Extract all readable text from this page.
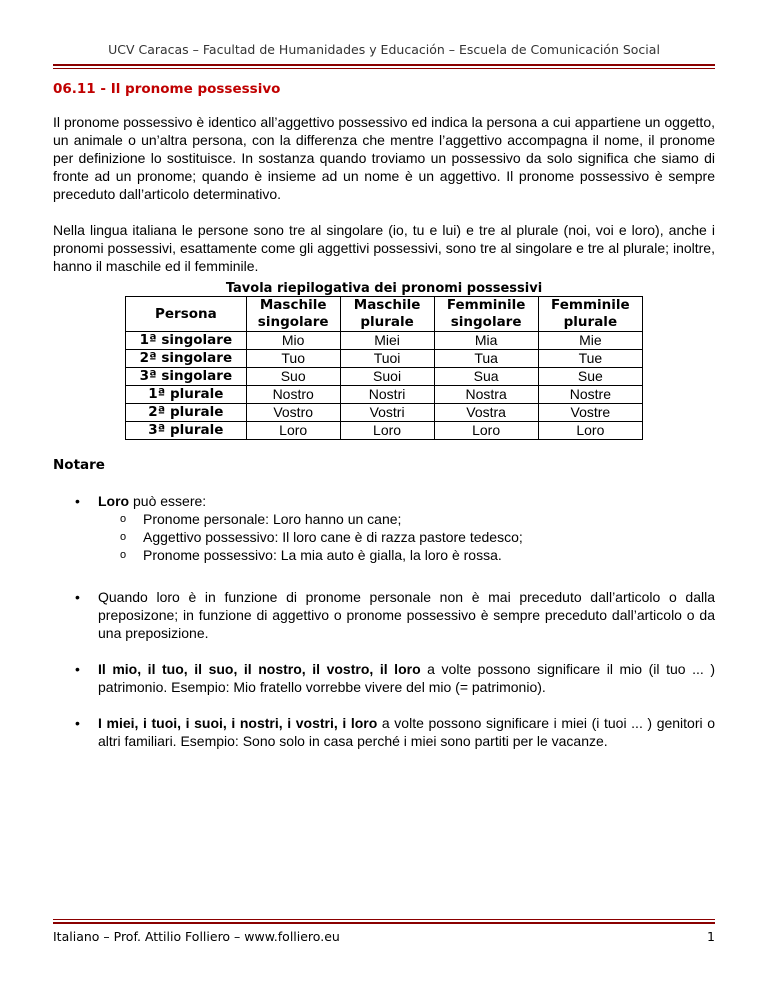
UCV Caracas – Facultad de Humanidades y Educación – Escuela de Comunicación Social
06.11 - Il pronome possessivo

Il pronome possessivo è identico all’aggettivo possessivo ed indica la persona a cui appartiene un oggetto, un animale o un’altra persona, con la differenza che mentre l’aggettivo accompagna il nome, il pronome per definizione lo sostituisce. In sostanza quando troviamo un possessivo da solo significa che siamo di fronte ad un pronome; quando è insieme ad un nome è un aggettivo. Il pronome possessivo è sempre preceduto dall’articolo determinativo.

Nella lingua italiana le persone sono tre al singolare (io, tu e lui) e tre al plurale (noi, voi e loro), anche i pronomi possessivi, esattamente come gli aggettivi possessivi, sono tre al singolare e tre al plurale; inoltre, hanno il maschile ed il femminile.

Tavola riepilogativa dei pronomi possessivi
Persona	Maschile singolare	Maschile plurale	Femminile singolare	Femminile plurale
1ª singolare	Mio	Miei	Mia	Mie
2ª singolare	Tuo	Tuoi	Tua	Tue
3ª singolare	Suo	Suoi	Sua	Sue
1ª plurale	Nostro	Nostri	Nostra	Nostre
2ª plurale	Vostro	Vostri	Vostra	Vostre
3ª plurale	Loro	Loro	Loro	Loro
Notare
• Loro può essere:
o Pronome personale: Loro hanno un cane;
o Aggettivo possessivo: Il loro cane è di razza pastore tedesco;
o Pronome possessivo: La mia auto è gialla, la loro è rossa.
• Quando loro è in funzione di pronome personale non è mai preceduto dall’articolo o dalla preposizone; in funzione di aggettivo o pronome possessivo è sempre preceduto dall’articolo o da una preposizione.
• Il mio, il tuo, il suo, il nostro, il vostro, il loro a volte possono significare il mio (il tuo ... ) patrimonio. Esempio: Mio fratello vorrebbe vivere del mio (= patrimonio).
• I miei, i tuoi, i suoi, i nostri, i vostri, i loro a volte possono significare i miei (i tuoi ... ) genitori o altri familiari. Esempio: Sono solo in casa perché i miei sono partiti per le vacanze.
Italiano – Prof. Attilio Folliero – www.folliero.eu	1
